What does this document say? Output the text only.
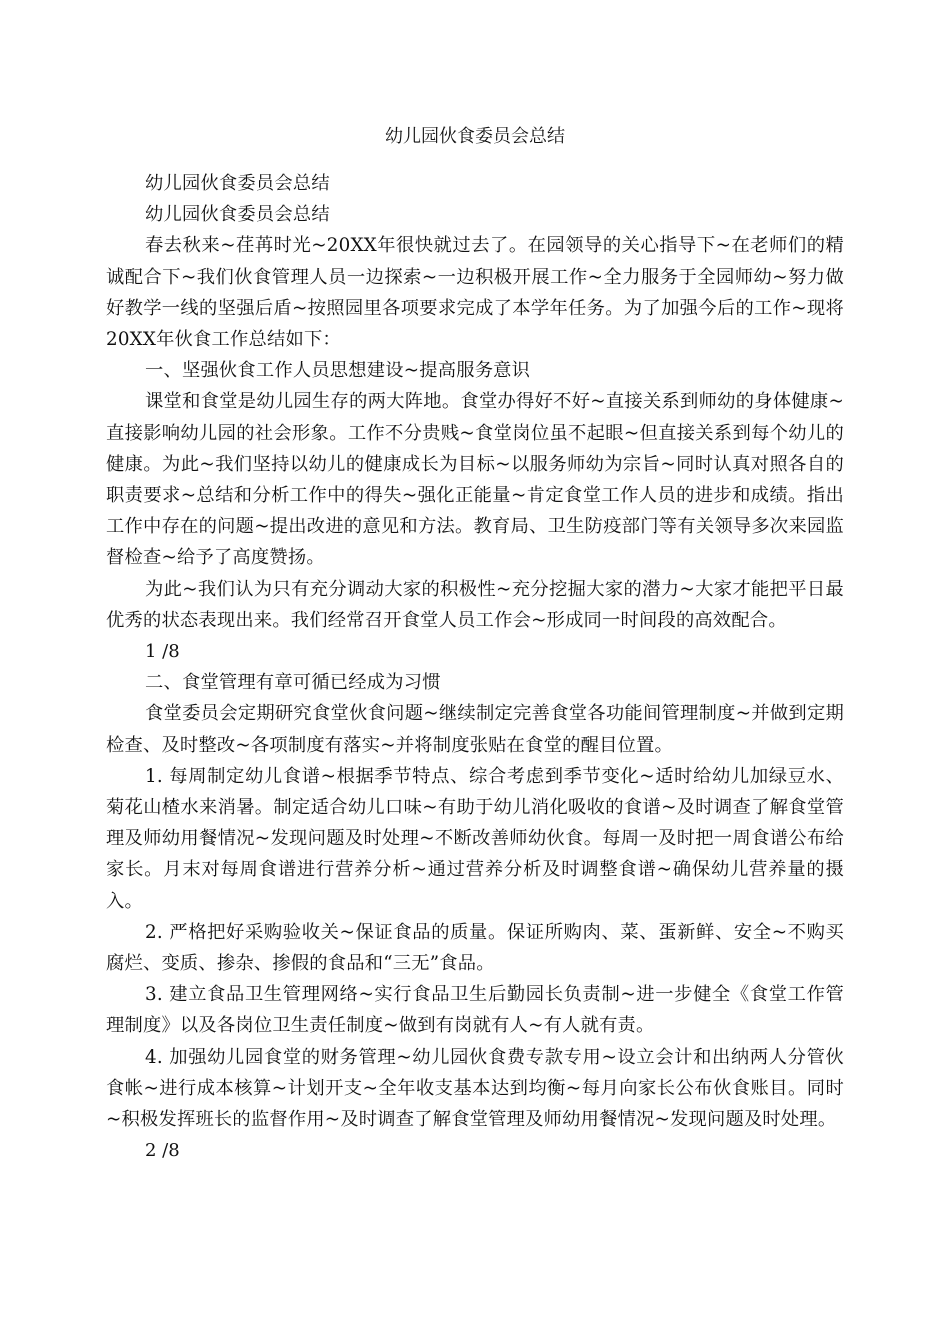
幼儿园伙食委员会总结

幼儿园伙食委员会总结

幼儿园伙食委员会总结

春去秋来~荏苒时光~20XX年很快就过去了。在园领导的关心指导下~在老师们的精诚配合下~我们伙食管理人员一边探索~一边积极开展工作~全力服务于全园师幼~努力做好教学一线的坚强后盾~按照园里各项要求完成了本学年任务。为了加强今后的工作~现将20XX年伙食工作总结如下：

一、坚强伙食工作人员思想建设~提高服务意识

课堂和食堂是幼儿园生存的两大阵地。食堂办得好不好~直接关系到师幼的身体健康~直接影响幼儿园的社会形象。工作不分贵贱~食堂岗位虽不起眼~但直接关系到每个幼儿的健康。为此~我们坚持以幼儿的健康成长为目标~以服务师幼为宗旨~同时认真对照各自的职责要求~总结和分析工作中的得失~强化正能量~肯定食堂工作人员的进步和成绩。指出工作中存在的问题~提出改进的意见和方法。教育局、卫生防疫部门等有关领导多次来园监督检查~给予了高度赞扬。

为此~我们认为只有充分调动大家的积极性~充分挖掘大家的潜力~大家才能把平日最优秀的状态表现出来。我们经常召开食堂人员工作会~形成同一时间段的高效配合。

1 /8

二、食堂管理有章可循已经成为习惯

食堂委员会定期研究食堂伙食问题~继续制定完善食堂各功能间管理制度~并做到定期检查、及时整改~各项制度有落实~并将制度张贴在食堂的醒目位置。

1. 每周制定幼儿食谱~根据季节特点、综合考虑到季节变化~适时给幼儿加绿豆水、菊花山楂水来消暑。制定适合幼儿口味~有助于幼儿消化吸收的食谱~及时调查了解食堂管理及师幼用餐情况~发现问题及时处理~不断改善师幼伙食。每周一及时把一周食谱公布给家长。月末对每周食谱进行营养分析~通过营养分析及时调整食谱~确保幼儿营养量的摄入。

2. 严格把好采购验收关~保证食品的质量。保证所购肉、菜、蛋新鲜、安全~不购买腐烂、变质、掺杂、掺假的食品和“三无”食品。

3. 建立食品卫生管理网络~实行食品卫生后勤园长负责制~进一步健全《食堂工作管理制度》以及各岗位卫生责任制度~做到有岗就有人~有人就有责。

4. 加强幼儿园食堂的财务管理~幼儿园伙食费专款专用~设立会计和出纳两人分管伙食帐~进行成本核算~计划开支~全年收支基本达到均衡~每月向家长公布伙食账目。同时~积极发挥班长的监督作用~及时调查了解食堂管理及师幼用餐情况~发现问题及时处理。

2 /8
